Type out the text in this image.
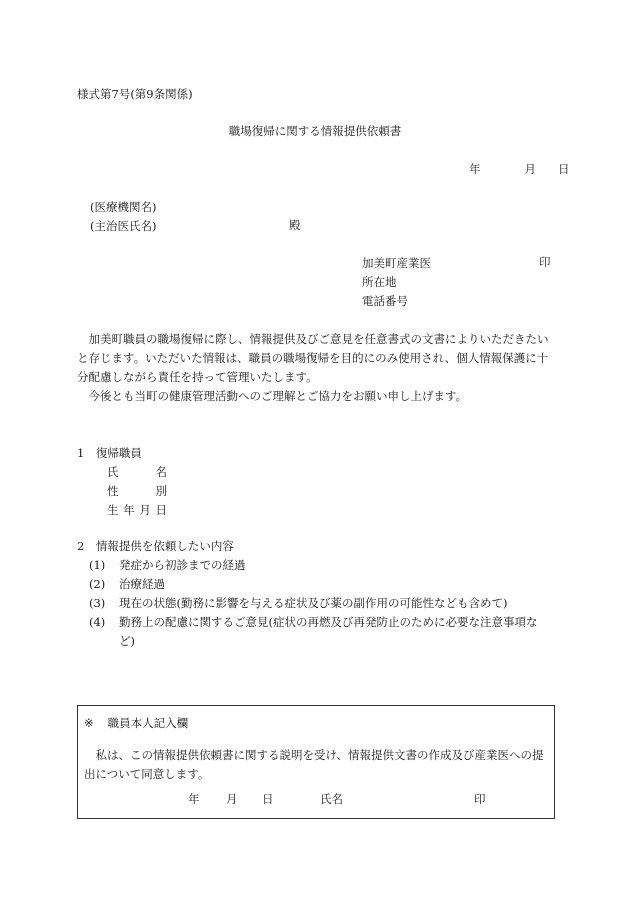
様式第7号(第9条関係)
職場復帰に関する情報提供依頼書
年	月 日
(医療機関名)
(主治医氏名)	殿
加美町産業医
所在地
電話番号
印

加美町職員の職場復帰に際し、情報提供及びご意見を任意書式の文書によりいただきたいと存じます。いただいた情報は、職員の職場復帰を目的にのみ使用され、個人情報保護に十分配慮しながら責任を持って管理いたします。

今後とも当町の健康管理活動へのご理解とご協力をお願い申し上げます。

1　復帰職員
氏名
性別
生年月日
2　情報提供を依頼したい内容
(1)	発症から初診までの経過
(2)	治療経過
(3)	現在の状態(勤務に影響を与える症状及び薬の副作用の可能性なども含めて)
(4)	勤務上の配慮に関するご意見(症状の再燃及び再発防止のために必要な注意事項など)
※ 職員本人記入欄

私は、この情報提供依頼書に関する説明を受け、情報提供文書の作成及び産業医への提出について同意します。

年 月 日	氏名	印
